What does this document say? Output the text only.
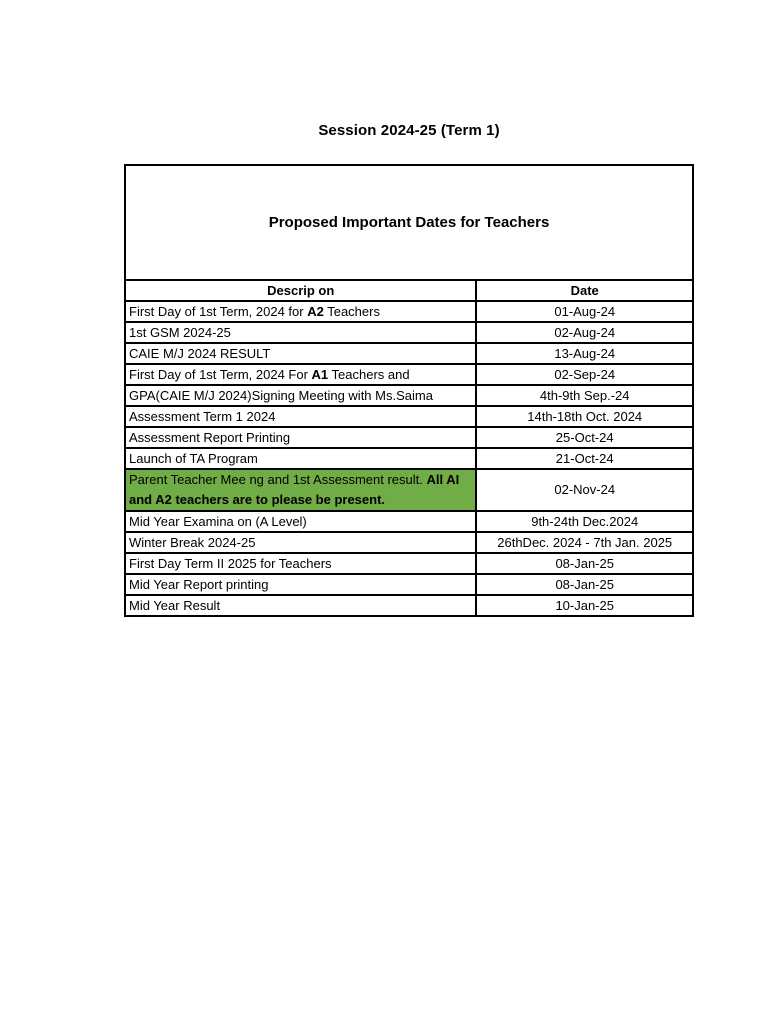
Session 2024-25 (Term 1)
Proposed Important Dates for Teachers	
Descrip on	Date
First Day of 1st Term, 2024 for A2 Teachers	01-Aug-24
1st GSM 2024-25	02-Aug-24
CAIE M/J 2024 RESULT	13-Aug-24
First Day of 1st Term, 2024 For A1 Teachers and	02-Sep-24
GPA(CAIE M/J 2024)Signing Meeting with Ms.Saima	4th-9th Sep.-24
Assessment Term 1 2024	14th-18th Oct. 2024
Assessment Report Printing	25-Oct-24
Launch of TA Program	21-Oct-24
Parent Teacher Mee ng and 1st Assessment result. All AI and A2 teachers are to please be present.	02-Nov-24
Mid Year Examina on (A Level)	9th-24th Dec.2024
Winter Break 2024-25	26thDec. 2024 - 7th Jan. 2025
First Day Term II 2025 for Teachers	08-Jan-25
Mid Year Report printing	08-Jan-25
Mid Year Result	10-Jan-25
